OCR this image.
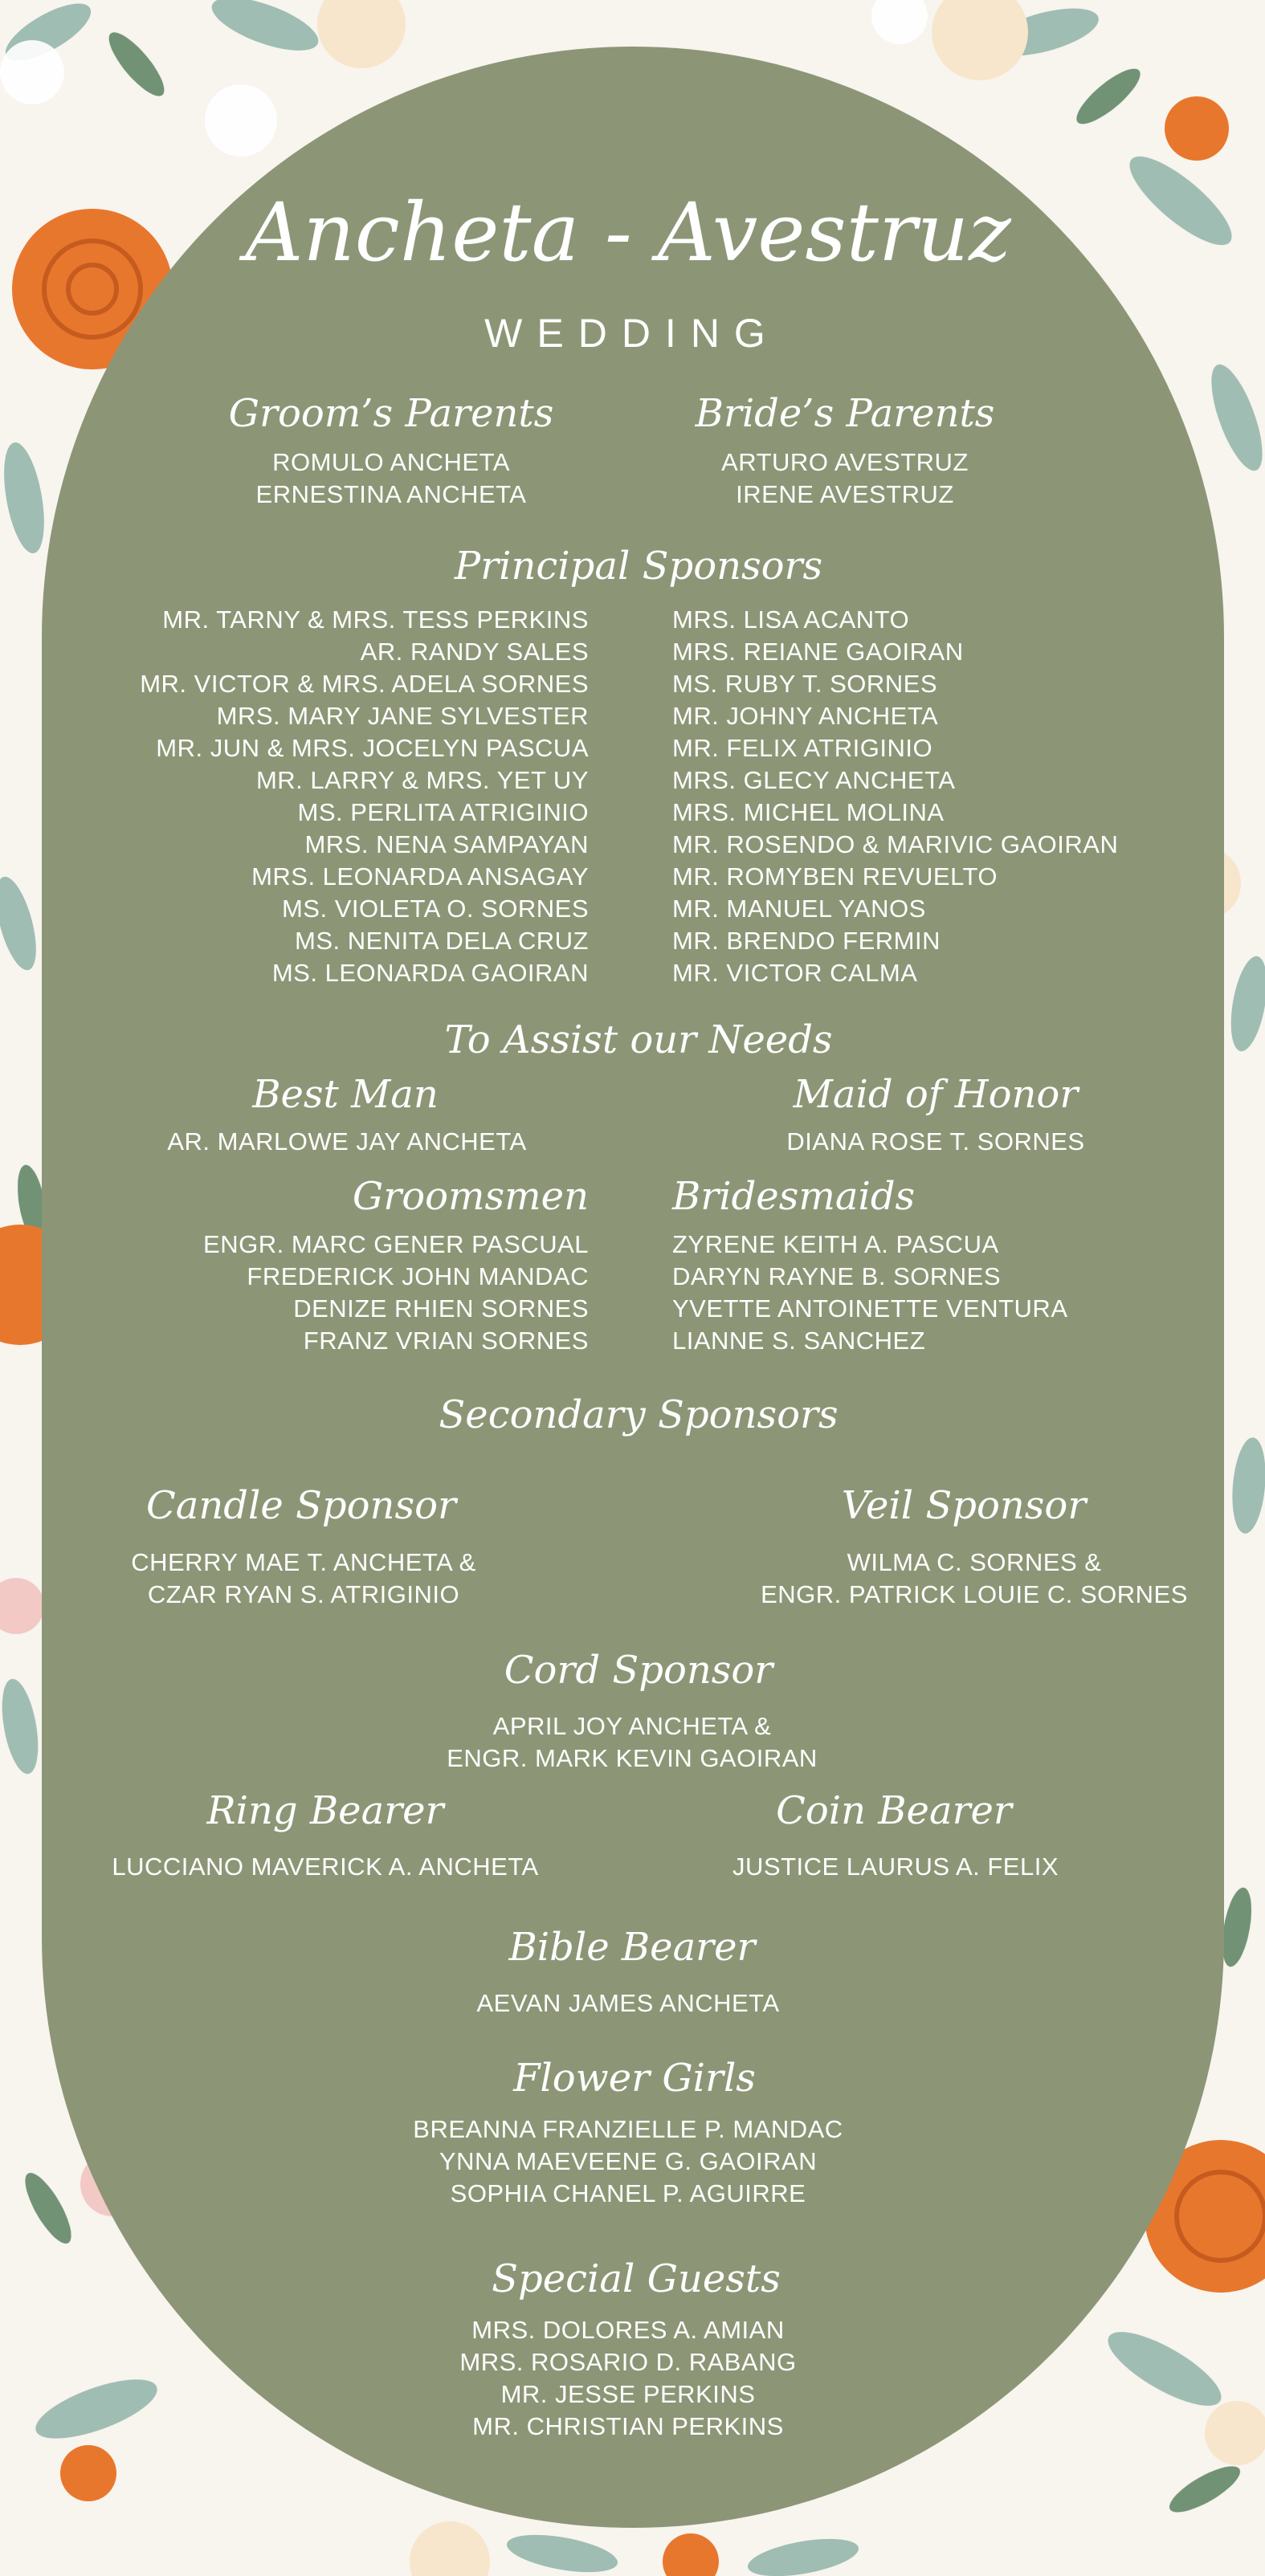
Ancheta - Avestruz
WEDDING
Groom’s Parents
ROMULO ANCHETA
ERNESTINA ANCHETA
Bride’s Parents
ARTURO AVESTRUZ
IRENE AVESTRUZ
Principal Sponsors
MR. TARNY & MRS. TESS PERKINS
AR. RANDY SALES
MR. VICTOR & MRS. ADELA SORNES
MRS. MARY JANE SYLVESTER
MR. JUN & MRS. JOCELYN PASCUA
MR. LARRY & MRS. YET UY
MS. PERLITA ATRIGINIO
MRS. NENA SAMPAYAN
MRS. LEONARDA ANSAGAY
MS. VIOLETA O. SORNES
MS. NENITA DELA CRUZ
MS. LEONARDA GAOIRAN
MRS. LISA ACANTO
MRS. REIANE GAOIRAN
MS. RUBY T. SORNES
MR. JOHNY ANCHETA
MR. FELIX ATRIGINIO
MRS. GLECY ANCHETA
MRS. MICHEL MOLINA
MR. ROSENDO & MARIVIC GAOIRAN
MR. ROMYBEN REVUELTO
MR. MANUEL YANOS
MR. BRENDO FERMIN
MR. VICTOR CALMA
To Assist our Needs
Best Man
AR. MARLOWE JAY ANCHETA
Maid of Honor
DIANA ROSE T. SORNES
Groomsmen
ENGR. MARC GENER PASCUAL
FREDERICK JOHN MANDAC
DENIZE RHIEN SORNES
FRANZ VRIAN SORNES
Bridesmaids
ZYRENE KEITH A. PASCUA
DARYN RAYNE B. SORNES
YVETTE ANTOINETTE VENTURA
LIANNE S. SANCHEZ
Secondary Sponsors
Candle Sponsor
CHERRY MAE T. ANCHETA &
CZAR RYAN S. ATRIGINIO
Veil Sponsor
WILMA C. SORNES &
ENGR. PATRICK LOUIE C. SORNES
Cord Sponsor
APRIL JOY ANCHETA &
ENGR. MARK KEVIN GAOIRAN
Ring Bearer
LUCCIANO MAVERICK A. ANCHETA
Coin Bearer
JUSTICE LAURUS A. FELIX
Bible Bearer
AEVAN JAMES ANCHETA
Flower Girls
BREANNA FRANZIELLE P. MANDAC
YNNA MAEVEENE G. GAOIRAN
SOPHIA CHANEL P. AGUIRRE
Special Guests
MRS. DOLORES A. AMIAN
MRS. ROSARIO D. RABANG
MR. JESSE PERKINS
MR. CHRISTIAN PERKINS
